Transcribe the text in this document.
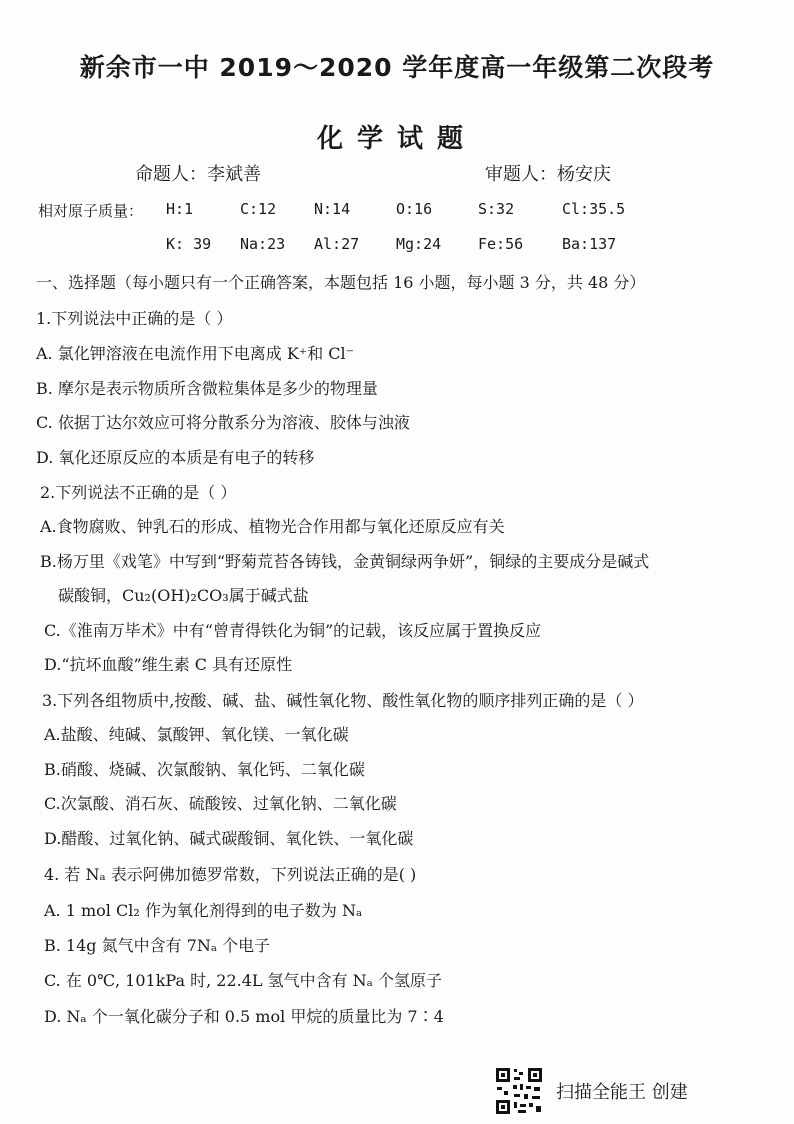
新余市一中 2019～2020 学年度高一年级第二次段考
化学试题
命题人：李斌善	审题人：杨安庆
相对原子质量： H:1	C:12	N:14	O:16	S:32	Cl:35.5
K: 39 Na:23 Al:27 Mg:24 Fe:56	Ba:137
一、选择题（每小题只有一个正确答案，本题包括 16 小题，每小题 3 分，共 48 分）
1.下列说法中正确的是（ ）
A. 氯化钾溶液在电流作用下电离成 K⁺和 Cl⁻
B. 摩尔是表示物质所含微粒集体是多少的物理量
C. 依据丁达尔效应可将分散系分为溶液、胶体与浊液
D. 氧化还原反应的本质是有电子的转移
2.下列说法不正确的是（ ）
A.食物腐败、钟乳石的形成、植物光合作用都与氧化还原反应有关
B.杨万里《戏笔》中写到“野菊荒苔各铸钱，金黄铜绿两争妍”，铜绿的主要成分是碱式
碳酸铜，Cu₂(OH)₂CO₃属于碱式盐
C.《淮南万毕术》中有“曾青得铁化为铜”的记载，该反应属于置换反应
D.“抗坏血酸”维生素 C 具有还原性
3.下列各组物质中,按酸、碱、盐、碱性氧化物、酸性氧化物的顺序排列正确的是（ ）
A.盐酸、纯碱、氯酸钾、氧化镁、一氧化碳
B.硝酸、烧碱、次氯酸钠、氧化钙、二氧化碳
C.次氯酸、消石灰、硫酸铵、过氧化钠、二氧化碳
D.醋酸、过氧化钠、碱式碳酸铜、氧化铁、一氧化碳
4. 若 Nₐ 表示阿佛加德罗常数，下列说法正确的是( )
A. 1 mol Cl₂ 作为氧化剂得到的电子数为 Nₐ
B. 14g 氮气中含有 7Nₐ 个电子
C. 在 0℃, 101kPa 时, 22.4L 氢气中含有 Nₐ 个氢原子
D. Nₐ 个一氧化碳分子和 0.5 mol 甲烷的质量比为 7∶4
扫描全能王 创建
